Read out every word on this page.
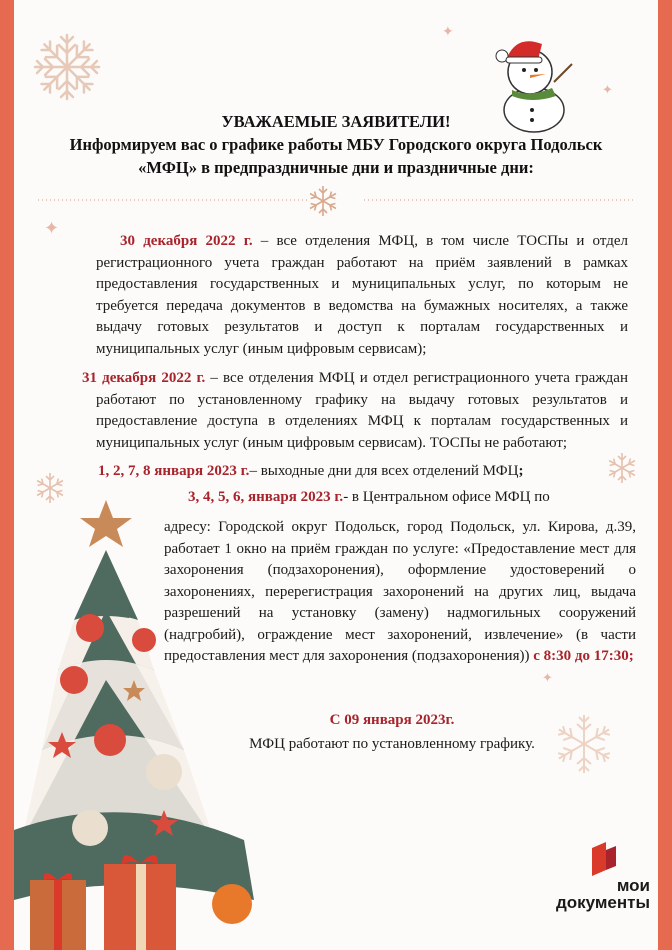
✦
✦
✦
✦
УВАЖАЕМЫЕ ЗАЯВИТЕЛИ!
Информируем вас о графике работы МБУ Городского округа Подольск
«МФЦ» в предпраздничные дни и праздничные дни:
30 декабря 2022 г. – все отделения МФЦ, в том числе ТОСПы и отдел регистрационного учета граждан работают на приём заявлений в рамках предоставления государственных и муниципальных услуг, по которым не требуется передача документов в ведомства на бумажных носителях, а также выдачу готовых результатов и доступ к порталам государственных и муниципальных услуг (иным цифровым сервисам);
31 декабря 2022 г. – все отделения МФЦ и отдел регистрационного учета граждан работают по установленному графику на выдачу готовых результатов и предоставление доступа в отделениях МФЦ к порталам государственных и муниципальных услуг (иным цифровым сервисам). ТОСПы не работают;
1, 2, 7, 8 января 2023 г.– выходные дни для всех отделений МФЦ;
3, 4, 5, 6, января 2023 г.- в Центральном офисе МФЦ по
адресу: Городской округ Подольск, город Подольск, ул. Кирова, д.39, работает 1 окно на приём граждан по услуге: «Предоставление мест для захоронения (подзахоронения), оформление удостоверений о захоронениях, перерегистрация захоронений на других лиц, выдача разрешений на установку (замену) надмогильных сооружений (надгробий), ограждение мест захоронений, извлечение» (в части предоставления мест для захоронения (подзахоронения)) с 8:30 до 17:30;
С 09 января 2023г.
МФЦ работают по установленному графику.
мои
документы
